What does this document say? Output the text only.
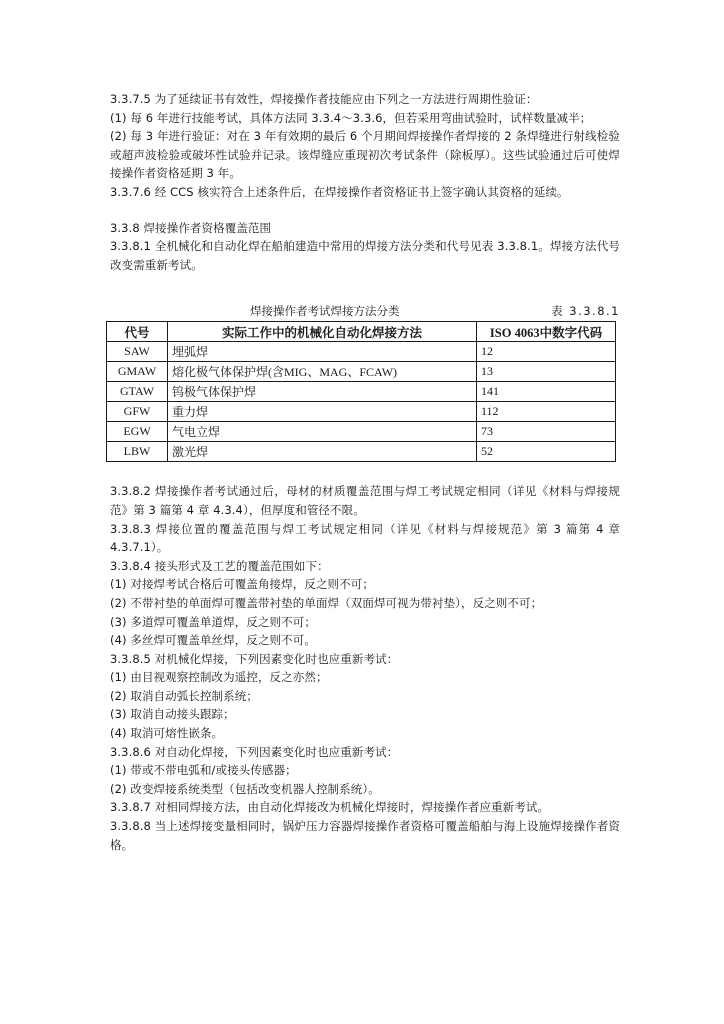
3.3.7.5 为了延续证书有效性，焊接操作者技能应由下列之一方法进行周期性验证：

(1) 每 6 年进行技能考试，具体方法同 3.3.4～3.3.6，但若采用弯曲试验时，试样数量减半；

(2) 每 3 年进行验证：对在 3 年有效期的最后 6 个月期间焊接操作者焊接的 2 条焊缝进行射线检验或超声波检验或破坏性试验并记录。该焊缝应重现初次考试条件（除板厚）。这些试验通过后可使焊接操作者资格延期 3 年。

3.3.7.6 经 CCS 核实符合上述条件后，在焊接操作者资格证书上签字确认其资格的延续。

3.3.8 焊接操作者资格覆盖范围

3.3.8.1 全机械化和自动化焊在船舶建造中常用的焊接方法分类和代号见表 3.3.8.1。焊接方法代号改变需重新考试。

焊接操作者考试焊接方法分类	表 3.3.8.1
代号	实际工作中的机械化自动化焊接方法	ISO 4063中数字代码
SAW	埋弧焊	12
GMAW	熔化极气体保护焊(含MIG、MAG、FCAW)	13
GTAW	钨极气体保护焊	141
GFW	重力焊	112
EGW	气电立焊	73
LBW	激光焊	52

3.3.8.2 焊接操作者考试通过后，母材的材质覆盖范围与焊工考试规定相同（详见《材料与焊接规范》第 3 篇第 4 章 4.3.4），但厚度和管径不限。

3.3.8.3 焊接位置的覆盖范围与焊工考试规定相同（详见《材料与焊接规范》第 3 篇第 4 章 4.3.7.1）。

3.3.8.4 接头形式及工艺的覆盖范围如下：

(1) 对接焊考试合格后可覆盖角接焊，反之则不可；

(2) 不带衬垫的单面焊可覆盖带衬垫的单面焊（双面焊可视为带衬垫），反之则不可；

(3) 多道焊可覆盖单道焊，反之则不可；

(4) 多丝焊可覆盖单丝焊，反之则不可。

3.3.8.5 对机械化焊接，下列因素变化时也应重新考试：

(1) 由目视观察控制改为遥控，反之亦然；

(2) 取消自动弧长控制系统；

(3) 取消自动接头跟踪；

(4) 取消可熔性嵌条。

3.3.8.6 对自动化焊接，下列因素变化时也应重新考试：

(1) 带或不带电弧和/或接头传感器；

(2) 改变焊接系统类型（包括改变机器人控制系统）。

3.3.8.7 对相同焊接方法，由自动化焊接改为机械化焊接时，焊接操作者应重新考试。

3.3.8.8 当上述焊接变量相同时，锅炉压力容器焊接操作者资格可覆盖船舶与海上设施焊接操作者资格。
